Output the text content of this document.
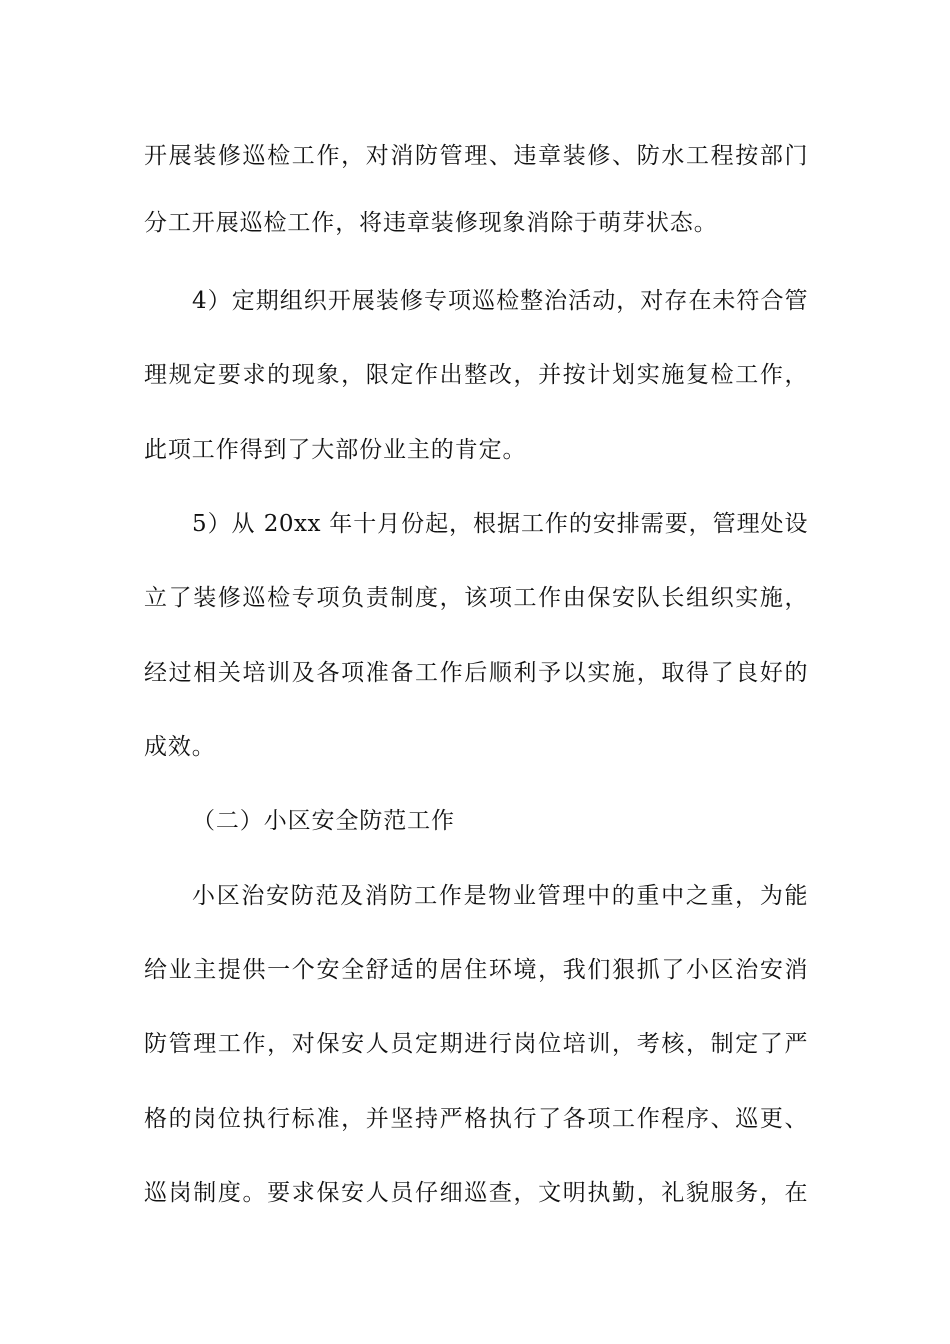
开展装修巡检工作，对消防管理、违章装修、防水工程按部门
分工开展巡检工作，将违章装修现象消除于萌芽状态。
4）定期组织开展装修专项巡检整治活动，对存在未符合管
理规定要求的现象，限定作出整改，并按计划实施复检工作，
此项工作得到了大部份业主的肯定。
5）从 20xx 年十月份起，根据工作的安排需要，管理处设
立了装修巡检专项负责制度，该项工作由保安队长组织实施，
经过相关培训及各项准备工作后顺利予以实施，取得了良好的
成效。
（二）小区安全防范工作
小区治安防范及消防工作是物业管理中的重中之重，为能
给业主提供一个安全舒适的居住环境，我们狠抓了小区治安消
防管理工作，对保安人员定期进行岗位培训，考核，制定了严
格的岗位执行标准，并坚持严格执行了各项工作程序、巡更、
巡岗制度。要求保安人员仔细巡查，文明执勤，礼貌服务，在
